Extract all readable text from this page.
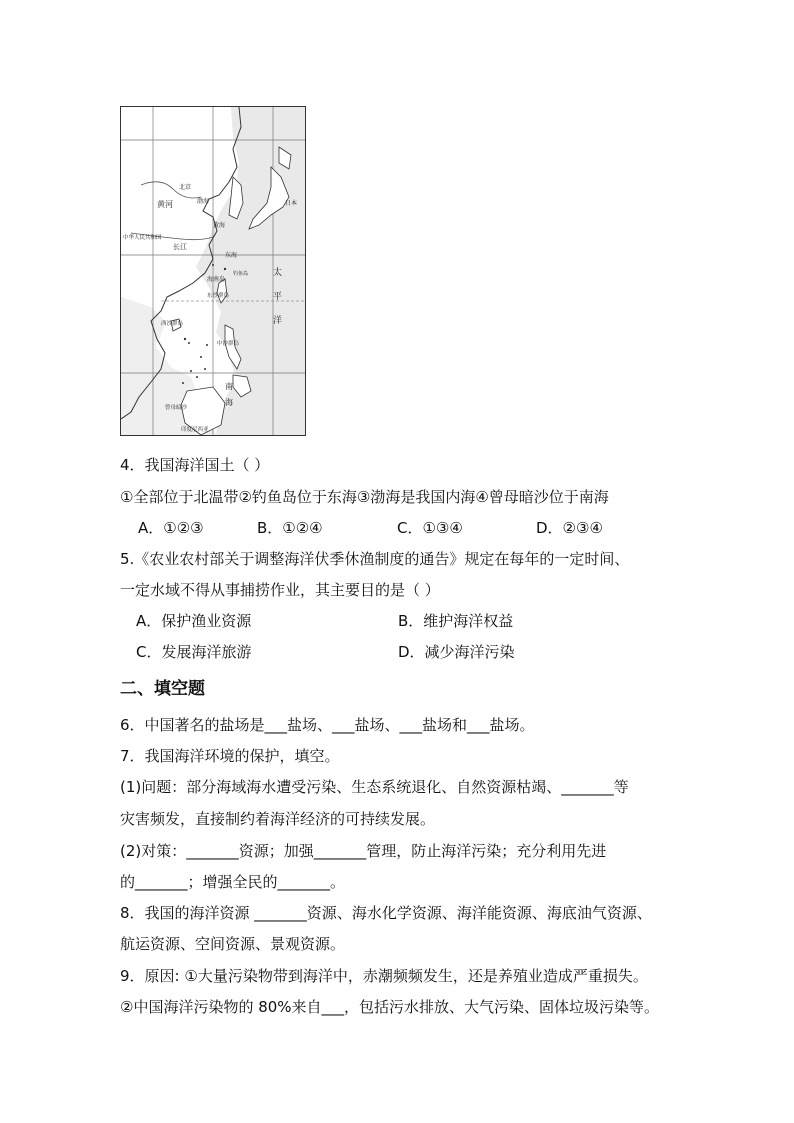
北京
黄河	渤海
黄海
中华人民共和国
长江
东海
日本
钓鱼岛
海南岛
东沙群岛
太
平
洋
西沙群岛
中沙群岛
南
海
曾母暗沙
印度尼西亚
4．我国海洋国土（ ）
①全部位于北温带②钓鱼岛位于东海③渤海是我国内海④曾母暗沙位于南海
A．①②③	B．①②④	C．①③④	D．②③④
5.《农业农村部关于调整海洋伏季休渔制度的通告》规定在每年的一定时间、
一定水域不得从事捕捞作业，其主要目的是（ ）
A．保护渔业资源	B．维护海洋权益
C．发展海洋旅游	D．减少海洋污染
二、填空题
6．中国著名的盐场是___盐场、___盐场、___盐场和___盐场。
7．我国海洋环境的保护，填空。
(1)问题：部分海域海水遭受污染、生态系统退化、自然资源枯竭、_______等
灾害频发，直接制约着海洋经济的可持续发展。
(2)对策：_______资源；加强_______管理，防止海洋污染；充分利用先进
的_______；增强全民的_______。
8．我国的海洋资源 _______资源、海水化学资源、海洋能资源、海底油气资源、
航运资源、空间资源、景观资源。
9．原因: ①大量污染物带到海洋中，赤潮频频发生，还是养殖业造成严重损失。
②中国海洋污染物的 80%来自___，包括污水排放、大气污染、固体垃圾污染等。
